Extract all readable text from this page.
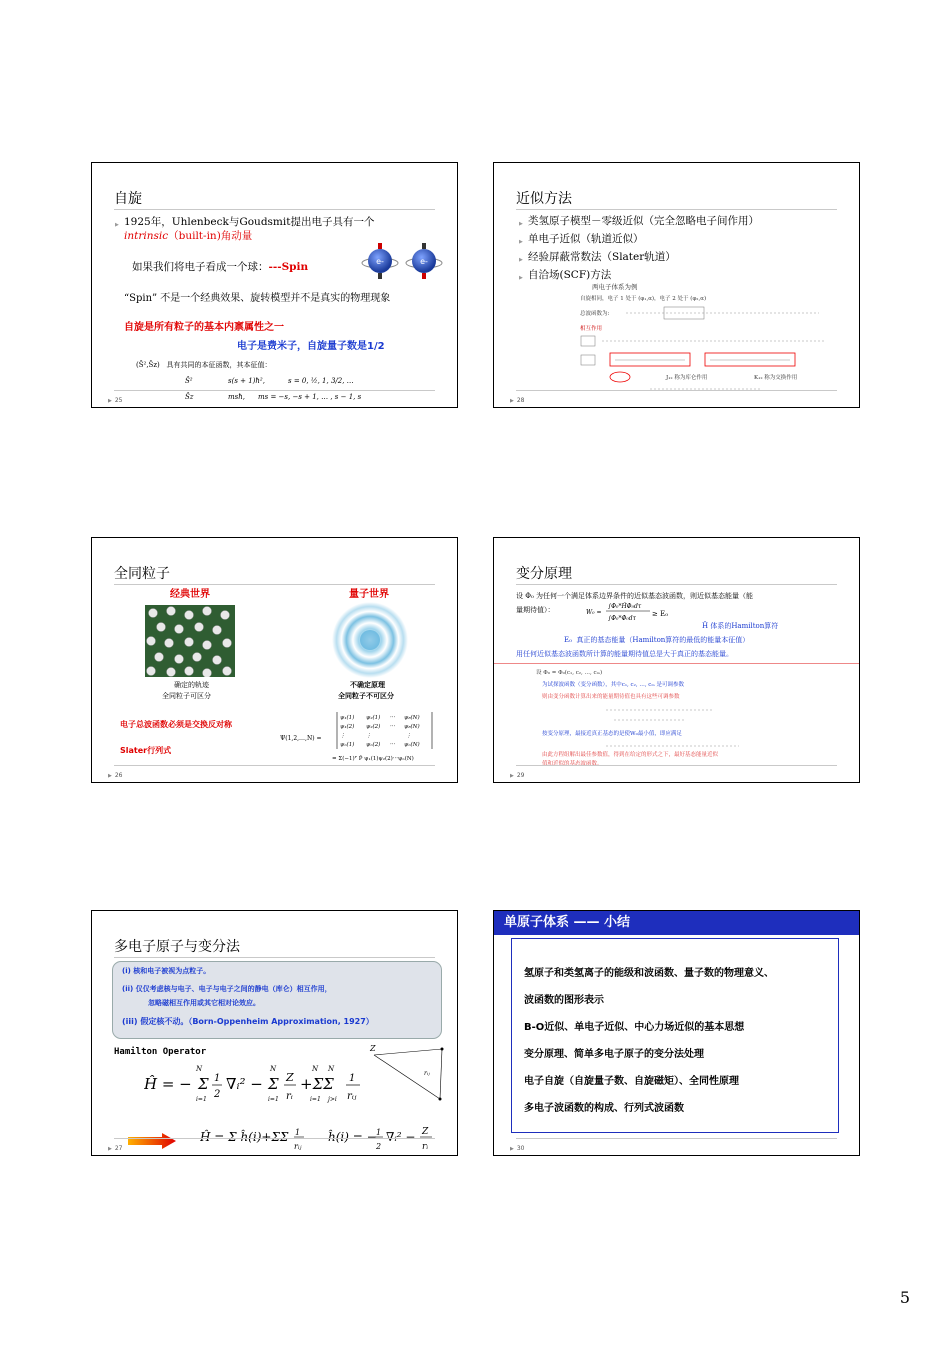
自旋
▶ 1925年，Uhlenbeck与Goudsmit提出电子具有一个
intrinsic（built-in)角动量
如果我们将电子看成一个球：---Spin	e-	e-
“Spin” 不是一个经典效果、旋转模型并不是真实的物理现象
自旋是所有粒子的基本内禀属性之一
电子是费米子，自旋量子数是1/2
(Ŝ²,Ŝz) 具有共同的本征函数，其本征值：
Ŝ²	s(s + 1)ħ²,	s = 0, ½, 1, 3/2, …
Ŝz	msħ, ms = −s, −s + 1, … , s − 1, s
▶ 25
近似方法
▶ 类氢原子模型－零级近似（完全忽略电子间作用）
▶ 单电子近似（轨道近似）
▶ 经验屏蔽常数法（Slater轨道）
▶ 自洽场(SCF)方法
两电子体系为例
自旋相同，电子 1 处于 (φ₁,α)，电子 2 处于 (φ₂,α)
总波函数为:
相互作用
J₁₂ 称为库仑作用	K₁₂ 称为交换作用
▶ 28
全同粒子
经典世界	量子世界
确定的轨迹
全同粒子可区分
不确定原理
全同粒子不可区分
电子总波函数必须是交换反对称
Slater行列式
Ψ(1,2,…,N) =
ψ₁(1) ψ₂(1) ··· ψ₈(N)
ψ₁(2) ψ₂(2) ··· ψ₈(N)
⋮	⋮	⋮
ψₙ(1) ψₙ(2) ··· ψₙ(N)
= Σ(−1)ᴾ P̂ ψ₁(1)ψ₂(2)···ψₙ(N)
▶ 26
变分原理
设 Φ₀ 为任何一个满足体系边界条件的近似基态波函数，则近似基态能量（能
量期待值）：	W₀ =
∫Φ₀*ĤΦ₀dτ
∫Φ₀*Φ₀dτ
≥ E₀
Ĥ 体系的Hamilton算符
E₀ 真正的基态能量（Hamilton算符的最低的能量本征值）
用任何近似基态波函数所计算的能量期待值总是大于真正的基态能量。
设 Φ₀ = Φ₀(c₁, c₂, …, cₘ)
为试探波函数（变分函数），其中c₁, c₂, …, cₘ 是可调参数
则由变分函数计算出来的能量期待值也具有这些可调参数
按变分原理，最接近真正基态的是使W₀最小值，即应满足
由此方程组解出最佳参数值，得到在给定的形式之下，最好基态能量近似
值和近似的基态波函数。
▶ 29
多电子原子与变分法
(i) 核和电子被视为点粒子。
(ii) 仅仅考虑核与电子、电子与电子之间的静电（库仑）相互作用，
忽略磁相互作用或其它相对论效应。
(iii) 假定核不动。（Born-Oppenheim Approximation, 1927）
Hamilton Operator
Ĥ = − Σ
N
i=1
1
2
∇ᵢ² − Σ
N
i=1
Z
rᵢ
+ΣΣ
N N
i=1	j>i
1
rᵢⱼ
Z
rᵢⱼ
Ĥ = Σ ĥ(i)+ΣΣ 1
rᵢⱼ
ĥ(i) = − 1
2
∇ᵢ² − Z
rᵢ
▶ 27
单原子体系 —— 小结
氢原子和类氢离子的能级和波函数、量子数的物理意义、
波函数的图形表示
B-O近似、单电子近似、中心力场近似的基本思想
变分原理、简单多电子原子的变分法处理
电子自旋（自旋量子数、自旋磁矩）、全同性原理
多电子波函数的构成、行列式波函数
▶ 30
5
